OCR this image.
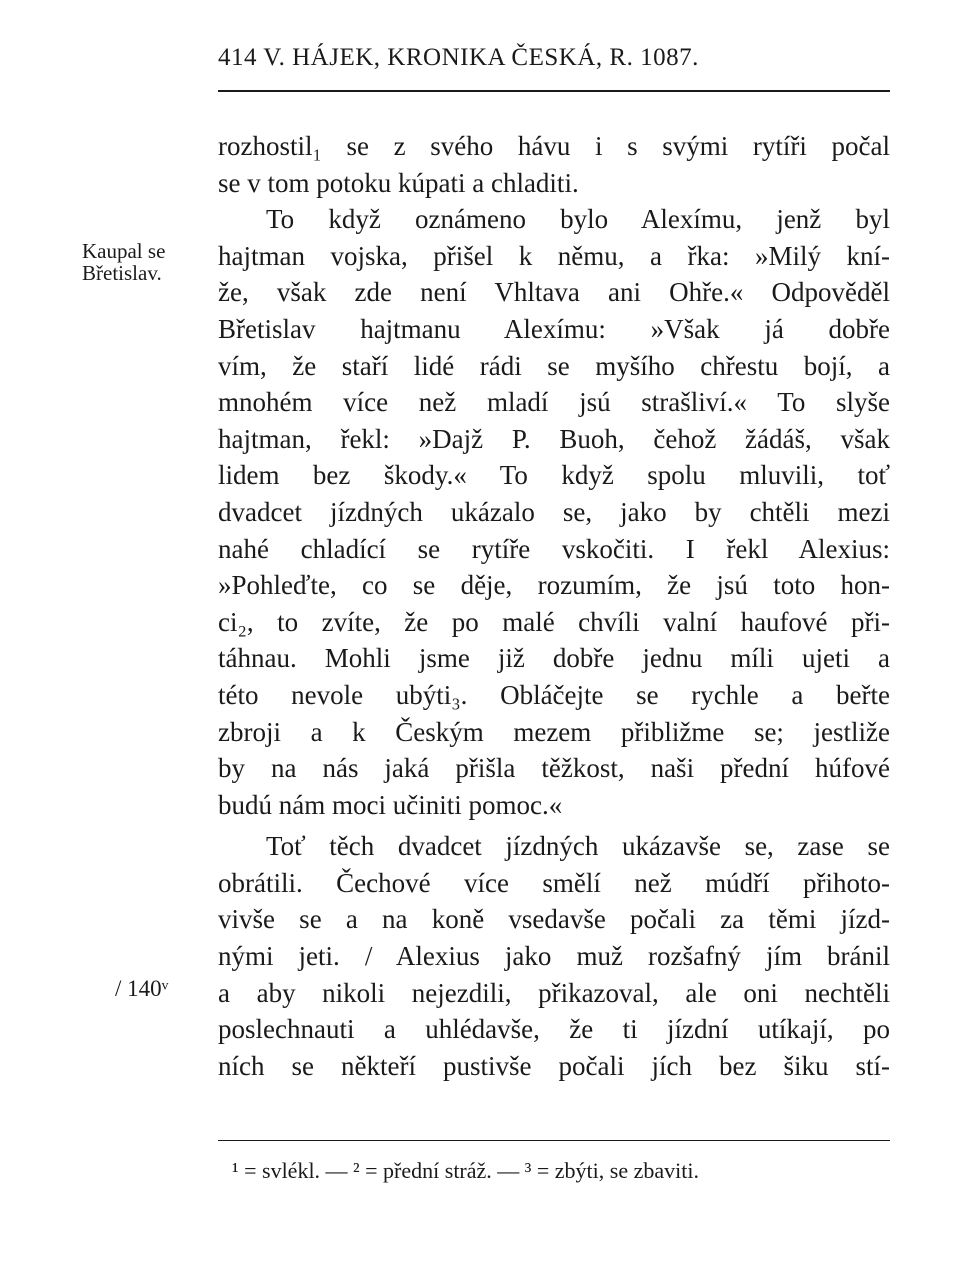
414 V. HÁJEK, KRONIKA ČESKÁ, R. 1087.
Kaupal se
Břetislav.
/ 140ᵛ
rozhostil₁ se z svého hávu i s svými rytíři počal
se v tom potoku kúpati a chladiti.
To když oznámeno bylo Alexímu, jenž byl
hajtman vojska, přišel k němu, a řka: »Milý kní-
že, však zde není Vhltava ani Ohře.« Odpověděl
Břetislav hajtmanu Alexímu: »Však já dobře
vím, že staří lidé rádi se myšího chřestu bojí, a
mnohém více než mladí jsú strašliví.« To slyše
hajtman, řekl: »Dajž P. Buoh, čehož žádáš, však
lidem bez škody.« To když spolu mluvili, toť
dvadcet jízdných ukázalo se, jako by chtěli mezi
nahé chladící se rytíře vskočiti. I řekl Alexius:
»Pohleďte, co se děje, rozumím, že jsú toto hon-
ci₂, to zvíte, že po malé chvíli valní haufové při-
táhnau. Mohli jsme již dobře jednu míli ujeti a
této nevole ubýti₃. Obláčejte se rychle a beřte
zbroji a k Českým mezem přibližme se; jestliže
by na nás jaká přišla těžkost, naši přední húfové
budú nám moci učiniti pomoc.«
Toť těch dvadcet jízdných ukázavše se, zase se
obrátili. Čechové více smělí než múdří přihoto-
vivše se a na koně vsedavše počali za těmi jízd-
nými jeti. / Alexius jako muž rozšafný jím bránil
a aby nikoli nejezdili, přikazoval, ale oni nechtěli
poslechnauti a uhlédavše, že ti jízdní utíkají, po
ních se někteří pustivše počali jích bez šiku stí-
¹ = svlékl. — ² = přední stráž. — ³ = zbýti, se zbaviti.
